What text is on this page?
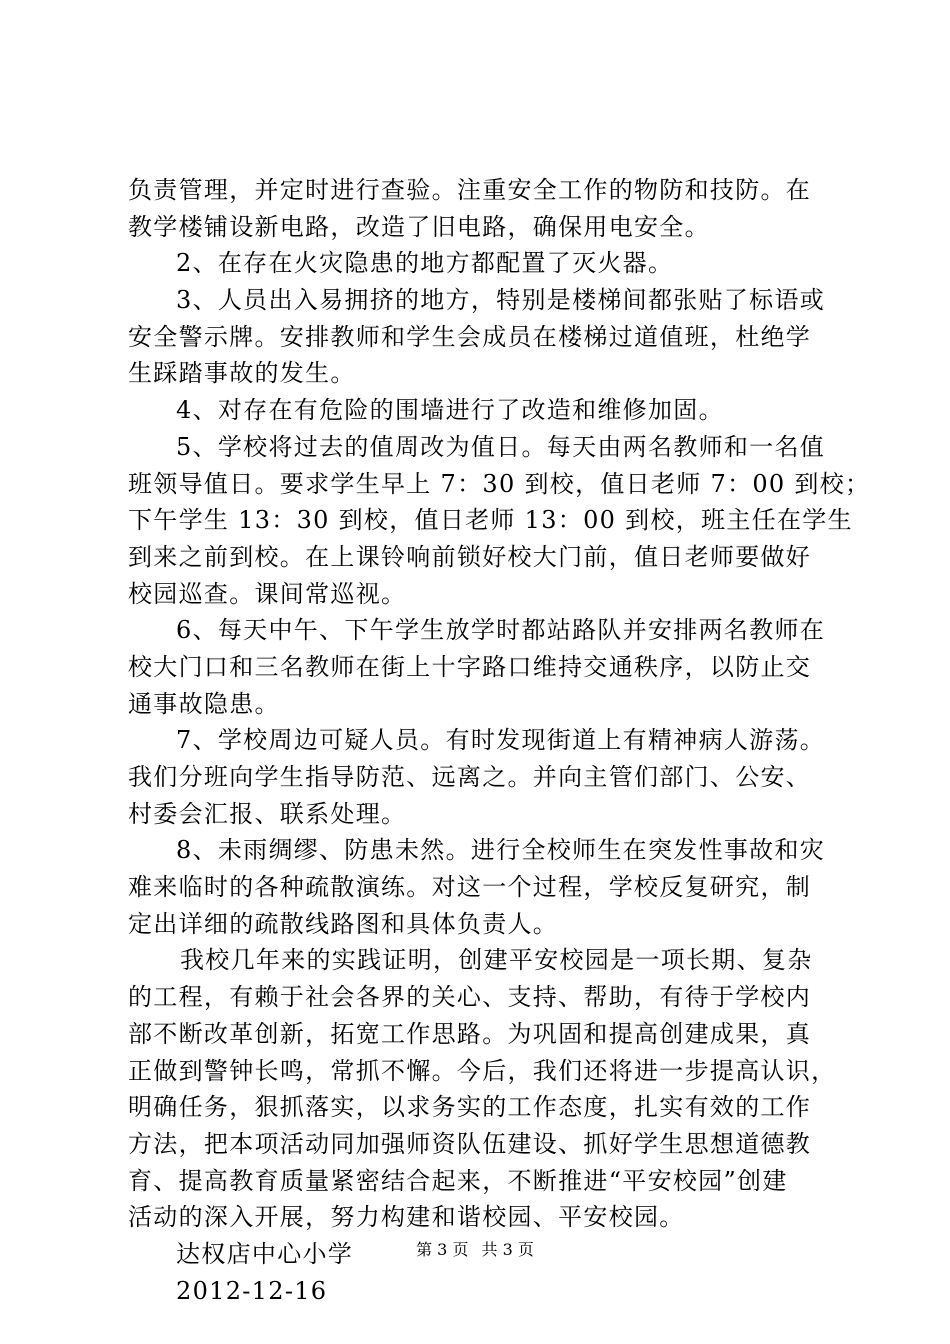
负责管理，并定时进行查验。注重安全工作的物防和技防。在
教学楼铺设新电路，改造了旧电路，确保用电安全。
2、在存在火灾隐患的地方都配置了灭火器。
3、人员出入易拥挤的地方，特别是楼梯间都张贴了标语或
安全警示牌。安排教师和学生会成员在楼梯过道值班，杜绝学
生踩踏事故的发生。
4、对存在有危险的围墙进行了改造和维修加固。
5、学校将过去的值周改为值日。每天由两名教师和一名值
班领导值日。要求学生早上 7：30 到校，值日老师 7：00 到校；
下午学生 13：30 到校，值日老师 13：00 到校，班主任在学生
到来之前到校。在上课铃响前锁好校大门前，值日老师要做好
校园巡查。课间常巡视。
6、每天中午、下午学生放学时都站路队并安排两名教师在
校大门口和三名教师在街上十字路口维持交通秩序，以防止交
通事故隐患。
7、学校周边可疑人员。有时发现街道上有精神病人游荡。
我们分班向学生指导防范、远离之。并向主管们部门、公安、
村委会汇报、联系处理。
8、未雨绸缪、防患未然。进行全校师生在突发性事故和灾
难来临时的各种疏散演练。对这一个过程，学校反复研究，制
定出详细的疏散线路图和具体负责人。
我校几年来的实践证明，创建平安校园是一项长期、复杂
的工程，有赖于社会各界的关心、支持、帮助，有待于学校内
部不断改革创新，拓宽工作思路。为巩固和提高创建成果，真
正做到警钟长鸣，常抓不懈。今后，我们还将进一步提高认识，
明确任务，狠抓落实，以求务实的工作态度，扎实有效的工作
方法，把本项活动同加强师资队伍建设、抓好学生思想道德教
育、提高教育质量紧密结合起来，不断推进“平安校园”创建
活动的深入开展，努力构建和谐校园、平安校园。
达权店中心小学
2012-12-16
第 3 页 共 3 页
